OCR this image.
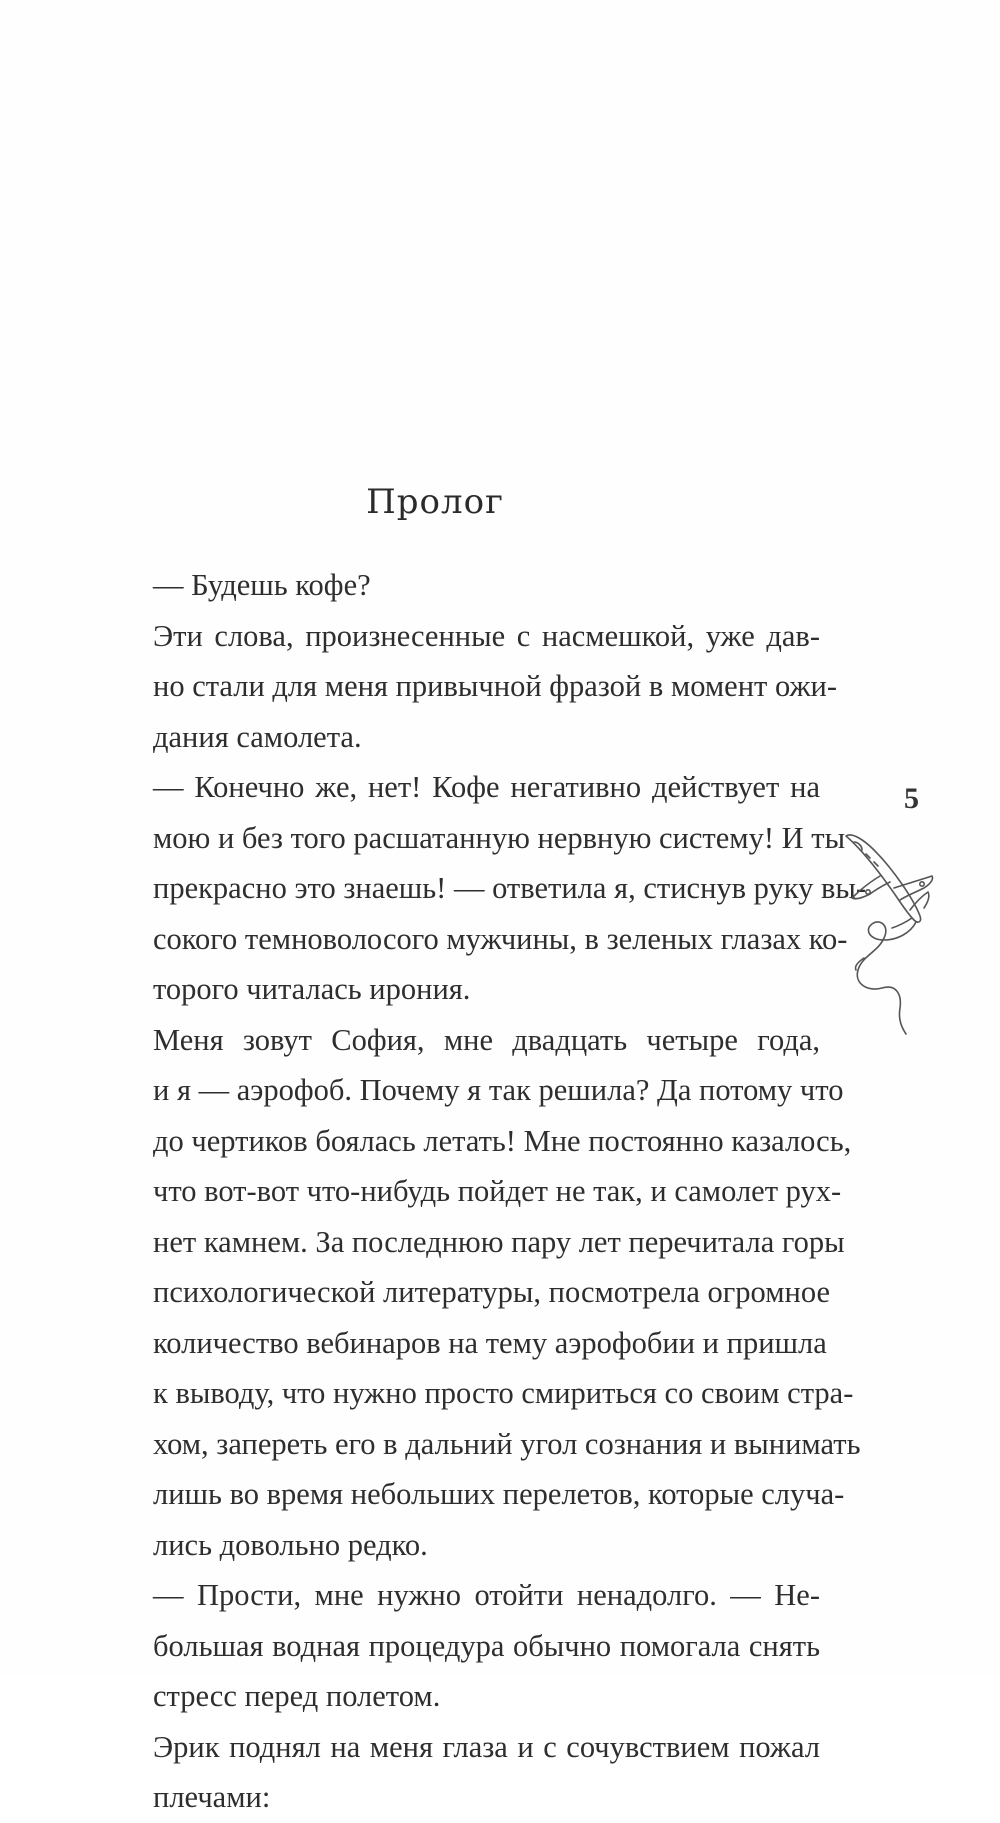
Пролог

— Будешь кофе?

Эти слова, произнесенные с насмешкой, уже дав-
но стали для меня привычной фразой в момент ожи-
дания самолета.

— Конечно же, нет! Кофе негативно действует на
мою и без того расшатанную нервную систему! И ты
прекрасно это знаешь! — ответила я, стиснув руку вы-
сокого темноволосого мужчины, в зеленых глазах ко-
торого читалась ирония.

Меня зовут София, мне двадцать четыре года,
и я — аэрофоб. Почему я так решила? Да потому что
до чертиков боялась летать! Мне постоянно казалось,
что вот-вот что-нибудь пойдет не так, и самолет рух-
нет камнем. За последнюю пару лет перечитала горы
психологической литературы, посмотрела огромное
количество вебинаров на тему аэрофобии и пришла
к выводу, что нужно просто смириться со своим стра-
хом, запереть его в дальний угол сознания и вынимать
лишь во время небольших перелетов, которые случа-
лись довольно редко.

— Прости, мне нужно отойти ненадолго. — Не-
большая водная процедура обычно помогала снять
стресс перед полетом.

Эрик поднял на меня глаза и с сочувствием пожал
плечами:

5
